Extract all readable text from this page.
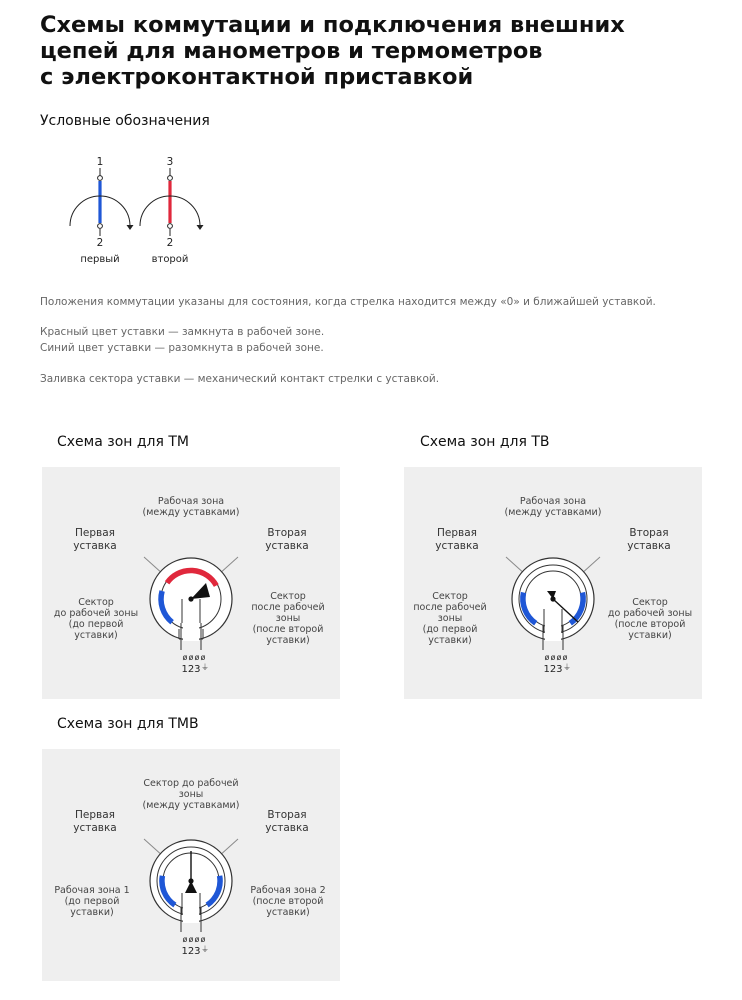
Схемы коммутации и подключения внешних
цепей для манометров и термометров
с электроконтактной приставкой
Условные обозначения
1
2
первый
3
2
второй
Положения коммутации указаны для состояния, когда стрелка находится между «0» и ближайшей уставкой.
Красный цвет уставки — замкнута в рабочей зоне.
Синий цвет уставки — разомкнута в рабочей зоне.
Заливка сектора уставки — механический контакт стрелки с уставкой.
Схема зон для ТМ
Рабочая зона
(между уставками)
Первая
уставка
Вторая
уставка
Сектор
до рабочей зоны
(до первой
уставки)
Сектор
после рабочей
зоны
(после второй
уставки)
ø ø ø ø
⏚
123
Схема зон для ТВ
Рабочая зона
(между уставками)
Первая
уставка
Вторая
уставка
Сектор
после рабочей
зоны
(до первой
уставки)
Сектор
до рабочей зоны
(после второй
уставки)
ø ø ø ø
⏚
123
Схема зон для ТМВ
Сектор до рабочей
зоны
(между уставками)
Первая
уставка
Вторая
уставка
Рабочая зона 1
(до первой
уставки)
Рабочая зона 2
(после второй
уставки)
ø ø ø ø
⏚
123
